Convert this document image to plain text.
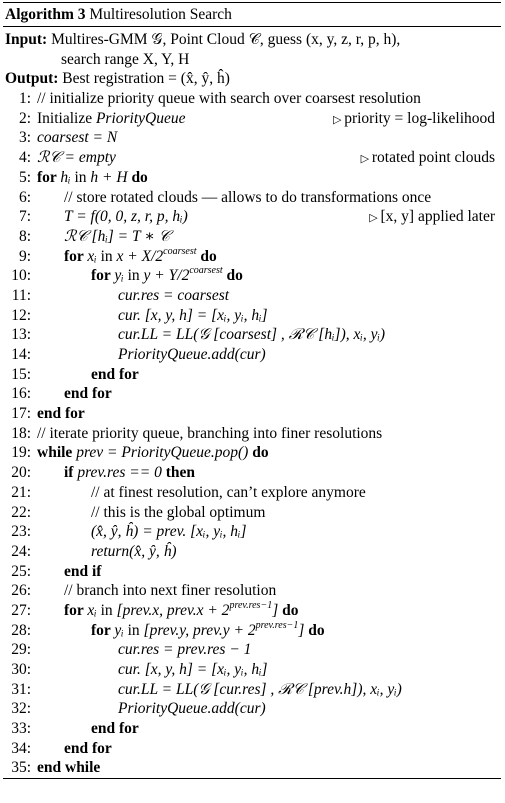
Algorithm 3 Multiresolution Search
Input: Multires-GMM 𝒢, Point Cloud 𝒞, guess (x, y, z, r, p, h),
search range X, Y, H
Output: Best registration = (x̂, ŷ, ĥ)
1: // initialize priority queue with search over coarsest resolution
2: Initialize PriorityQueue	▷ priority = log-likelihood
3: coarsest = N
4: ℛ𝒞 = empty	▷ rotated point clouds
5: for hᵢ in h + H do
6: // store rotated clouds — allows to do transformations once
7: T = f(0, 0, z, r, p, hᵢ)	▷ [x, y] applied later
8: ℛ𝒞 [hᵢ] = T ∗ 𝒞
9: for xᵢ in $x + X/2^{coarsest}$ do
10:	for yᵢ in $y + Y/2^{coarsest}$ do
11:	cur.res = coarsest
12:	cur. [x, y, h] = [xᵢ, yᵢ, hᵢ]
13:	cur.LL = LL(𝒢 [coarsest] , ℛ𝒞 [hᵢ]), xᵢ, yᵢ)
14:	PriorityQueue.add(cur)
15:	end for
16: end for
17: end for
18: // iterate priority queue, branching into finer resolutions
19: while prev = PriorityQueue.pop() do
20: if prev.res == 0 then
21:	// at finest resolution, can’t explore anymore
22:	// this is the global optimum
23:	(x̂, ŷ, ĥ) = prev. [xᵢ, yᵢ, hᵢ]
24:	return(x̂, ŷ, ĥ)
25: end if
26: // branch into next finer resolution
27: for xᵢ in [prev.x, prev.x + $2^{prev.res-1}$] do
28:	for yᵢ in [prev.y, prev.y + $2^{prev.res-1}$] do
29:	cur.res = prev.res − 1
30:	cur. [x, y, h] = [xᵢ, yᵢ, hᵢ]
31:	cur.LL = LL(𝒢 [cur.res] , ℛ𝒞 [prev.h]), xᵢ, yᵢ)
32:	PriorityQueue.add(cur)
33:	end for
34: end for
35: end while
